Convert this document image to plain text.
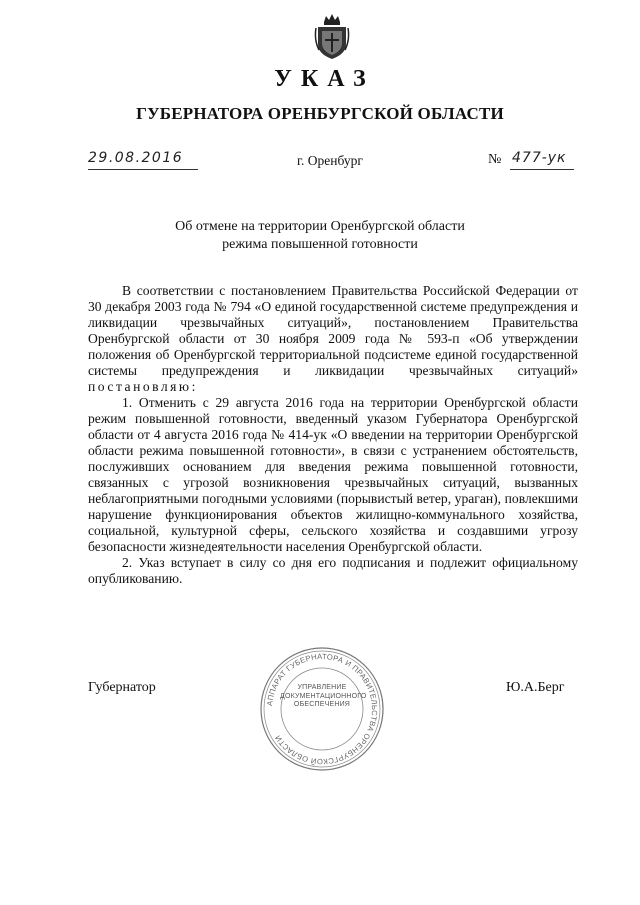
УКАЗ
ГУБЕРНАТОРА ОРЕНБУРГСКОЙ ОБЛАСТИ
29.08.2016	г. Оренбург	№ 477-ук
Об отмене на территории Оренбургской области
режима повышенной готовности

В соответствии с постановлением Правительства Российской Федерации от 30 декабря 2003 года № 794 «О единой государственной системе предупреждения и ликвидации чрезвычайных ситуаций», постановлением Правительства Оренбургской области от 30 ноября 2009 года № 593-п «Об утверждении положения об Оренбургской территориальной подсистеме единой государственной системы предупреждения и ликвидации чрезвычайных ситуаций» постановляю:

1. Отменить с 29 августа 2016 года на территории Оренбургской области режим повышенной готовности, введенный указом Губернатора Оренбургской области от 4 августа 2016 года № 414-ук «О введении на территории Оренбургской области режима повышенной готовности», в связи с устранением обстоятельств, послуживших основанием для введения режима повышенной готовности, связанных с угрозой возникновения чрезвычайных ситуаций, вызванных неблагоприятными погодными условиями (порывистый ветер, ураган), повлекшими нарушение функционирования объектов жилищно-коммунального хозяйства, социальной, культурной сферы, сельского хозяйства и создавшими угрозу безопасности жизнедеятельности населения Оренбургской области.

2. Указ вступает в силу со дня его подписания и подлежит официальному опубликованию.

Губернатор	Ю.А.Берг
АППАРАТ ГУБЕРНАТОРА И ПРАВИТЕЛЬСТВА ОРЕНБУРГСКОЙ ОБЛАСТИ
УПРАВЛЕНИЕ
ДОКУМЕНТАЦИОННОГО
ОБЕСПЕЧЕНИЯ
